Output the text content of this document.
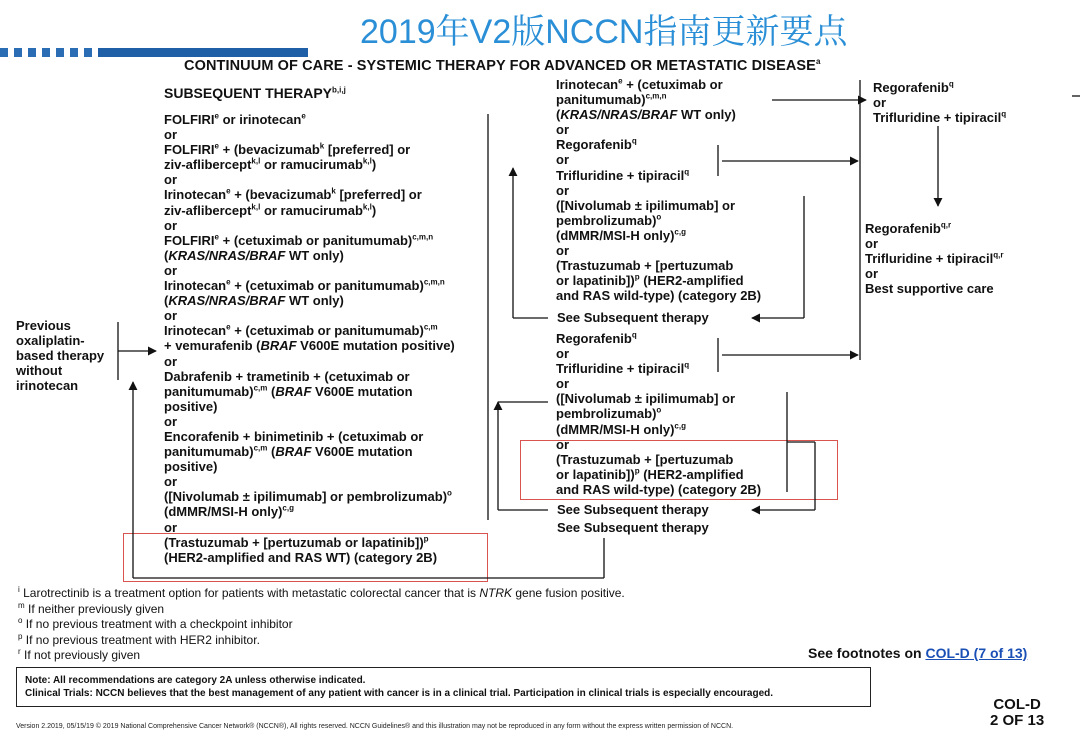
2019年V2版NCCN指南更新要点
CONTINUUM OF CARE - SYSTEMIC THERAPY FOR ADVANCED OR METASTATIC DISEASE$^a$
SUBSEQUENT THERAPY$^{b,i,j}$
Previous
oxaliplatin-
based therapy
without
irinotecan
FOLFIRI$^e$ or irinotecan$^e$
or
$FOLFIRI^e$ + (bevacizumab$^k$ [preferred] or
ziv-aflibercept$^{k,l}$ or ramucirumab$^{k,l}$)
or
Irinotecan$^e$ + (bevacizumab$^k$ [preferred] or
ziv-aflibercept$^{k,l}$ or ramucirumab$^{k,l}$)
or
$FOLFIRI^e$ + (cetuximab or panitumumab)$^{c,m,n}$
(KRAS/NRAS/BRAF WT only)
or
Irinotecan$^e$ + (cetuximab or panitumumab)$^{c,m,n}$
(KRAS/NRAS/BRAF WT only)
or
Irinotecan$^e$ + (cetuximab or panitumumab)$^{c,m}$
+ vemurafenib (BRAF V600E mutation positive)
or
Dabrafenib + trametinib + (cetuximab or
panitumumab)$^{c,m}$ (BRAF V600E mutation
positive)
or
Encorafenib + binimetinib + (cetuximab or
panitumumab)$^{c,m}$ (BRAF V600E mutation
positive)
or
([Nivolumab ± ipilimumab] or pembrolizumab)$^o$
(dMMR/MSI-H only)$^{c,g}$
or
(Trastuzumab + [pertuzumab or lapatinib])$^p$
(HER2-amplified and RAS WT) (category 2B)
Irinotecan$^e$ + (cetuximab or
panitumumab)$^{c,m,n}$
(KRAS/NRAS/BRAF WT only)
or
Regorafenib$^q$
or
Trifluridine + tipiracil$^q$
or
([Nivolumab ± ipilimumab] or
pembrolizumab)$^o$
(dMMR/MSI-H only)$^{c,g}$
or
(Trastuzumab + [pertuzumab
or lapatinib])$^p$ (HER2-amplified
and RAS wild-type) (category 2B)
See Subsequent therapy
Regorafenib$^q$
or
Trifluridine + tipiracil$^q$
or
([Nivolumab ± ipilimumab] or
pembrolizumab)$^o$
(dMMR/MSI-H only)$^{c,g}$
or
(Trastuzumab + [pertuzumab
or lapatinib])$^p$ (HER2-amplified
and RAS wild-type) (category 2B)
See Subsequent therapy
See Subsequent therapy
Regorafenib$^q$
or
Trifluridine + tipiracil$^q$
Regorafenib$^{q,r}$
or
Trifluridine + tipiracil$^{q,r}$
or
Best supportive care
$^i$ Larotrectinib is a treatment option for patients with metastatic colorectal cancer that is NTRK gene fusion positive.
$^m$ If neither previously given
$^o$ If no previous treatment with a checkpoint inhibitor
$^p$ If no previous treatment with HER2 inhibitor.
$^r$ If not previously given	See footnotes on COL-D (7 of 13)
Note: All recommendations are category 2A unless otherwise indicated.
Clinical Trials: NCCN believes that the best management of any patient with cancer is in a clinical trial. Participation in clinical trials is especially encouraged.
Version 2.2019, 05/15/19 © 2019 National Comprehensive Cancer Network® (NCCN®), All rights reserved. NCCN Guidelines® and this illustration may not be reproduced in any form without the express written permission of NCCN.
COL-D
2 OF 13
